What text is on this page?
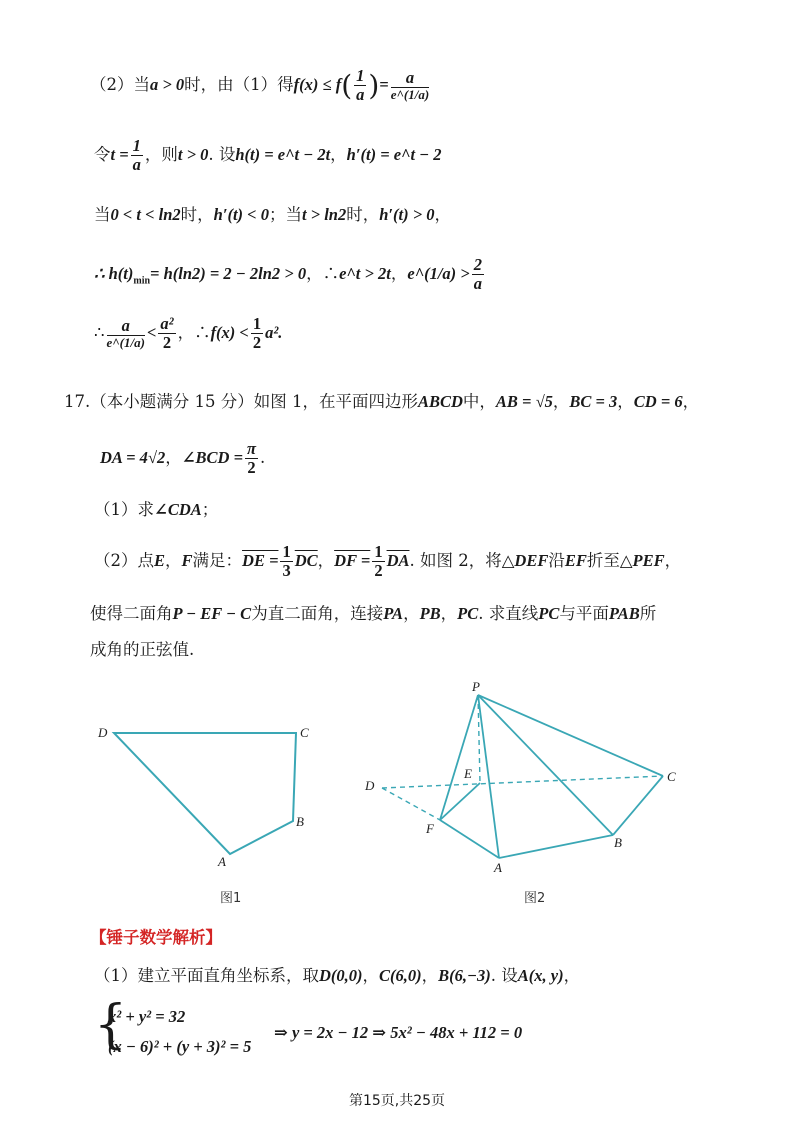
（2）当a > 0时，由（1）得$f(x) \le f( \frac{1}{a}$ )= $\frac{a}{e\^{}(1/a)}$
令$t = \frac{1}{a}$ ，则t > 0. 设h(t) = e^t − 2t，h′(t) = e^t − 2
当0 < t < ln2时，h′(t) < 0；当t > ln2时，h′(t) > 0，
∴ $h(t)_{min}= h(\ln 2) = 2 - 2\ln 2 > 0$，∴e^t > 2t，e^(1/a) > $\frac{2}{a}$
∴ $\frac{a}{e\^{}(1/a)} < \frac{\text{a²}}{2}$ ，∴f(x) < $\frac{1}{2} a^2$.
17.（本小题满分 15 分）如图 1，在平面四边形ABCD中，AB = √5，BC = 3，CD = 6，
DA = 4√2，∠BCD = $\frac{\pi}{2}$ .
（1）求∠CDA；
（2）点E，F满足：DE = $\frac{1}{3} \overline{DC}$，DF = $\frac{1}{2} \overline{DA}$. 如图 2，将△DEF沿EF折至△PEF，
使得二面角P − EF − C为直二面角，连接PA，PB，PC. 求直线PC与平面PAB所
成角的正弦值.
D	C
B
A
图1
P
E
D
C
F
B
A
图2
【锤子数学解析】
（1）建立平面直角坐标系，取D(0,0)，C(6,0)，B(6,−3). 设A(x, y)，
{
x² + y² = 32
(x − 6)² + (y + 3)² = 5
⇒ y = 2x − 12 ⇒ 5x² − 48x + 112 = 0
第15页,共25页
